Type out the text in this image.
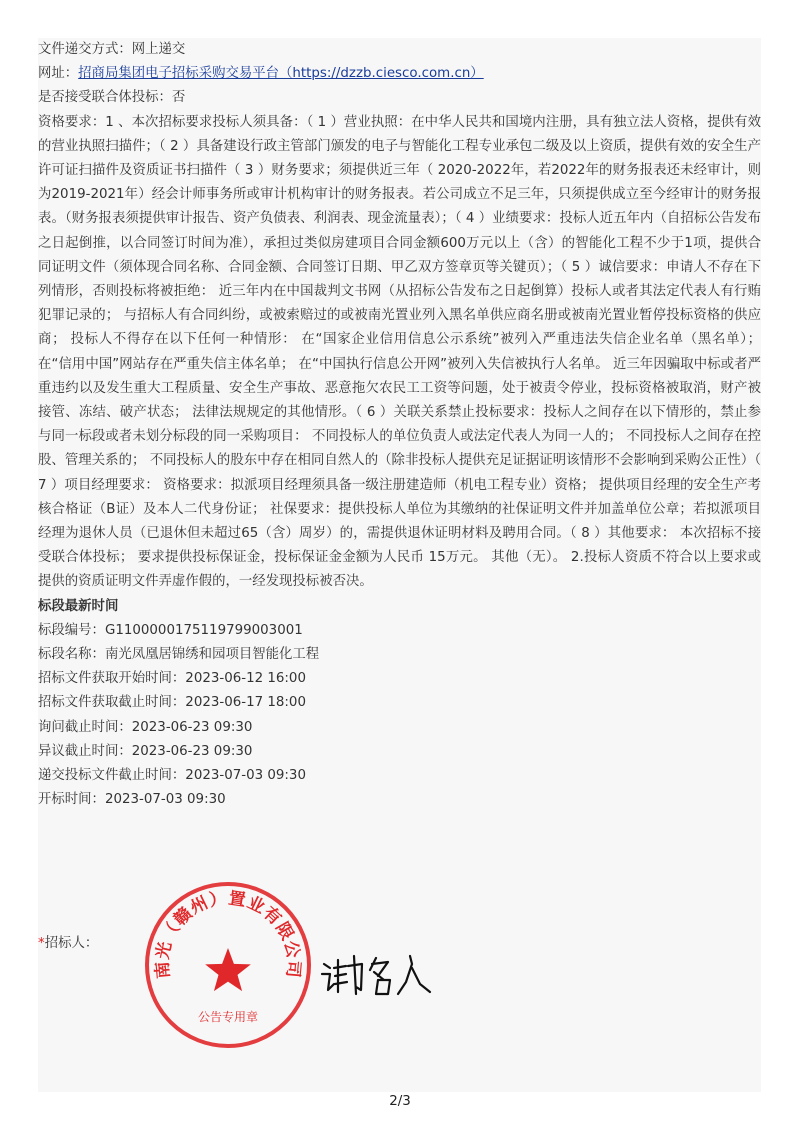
文件递交方式：网上递交
网址：招商局集团电子招标采购交易平台（https://dzzb.ciesco.com.cn）
是否接受联合体投标：否
资格要求：1 、本次招标要求投标人须具备：（ 1 ）营业执照：在中华人民共和国境内注册，具有独立法人资格，提供有效的营业执照扫描件；（ 2 ）具备建设行政主管部门颁发的电子与智能化工程专业承包二级及以上资质，提供有效的安全生产许可证扫描件及资质证书扫描件（ 3 ）财务要求；须提供近三年（ 2020-2022年，若2022年的财务报表还未经审计，则为2019-2021年）经会计师事务所或审计机构审计的财务报表。若公司成立不足三年，只须提供成立至今经审计的财务报表。（财务报表须提供审计报告、资产负债表、利润表、现金流量表）；（ 4 ）业绩要求：投标人近五年内（自招标公告发布之日起倒推，以合同签订时间为准），承担过类似房建项目合同金额600万元以上（含）的智能化工程不少于1项，提供合同证明文件（须体现合同名称、合同金额、合同签订日期、甲乙双方签章页等关键页）；（ 5 ）诚信要求：申请人不存在下列情形，否则投标将被拒绝： 近三年内在中国裁判文书网（从招标公告发布之日起倒算）投标人或者其法定代表人有行贿犯罪记录的； 与招标人有合同纠纷，或被索赔过的或被南光置业列入黑名单供应商名册或被南光置业暂停投标资格的供应商； 投标人不得存在以下任何一种情形： 在“国家企业信用信息公示系统”被列入严重违法失信企业名单（黑名单）； 在“信用中国”网站存在严重失信主体名单； 在“中国执行信息公开网”被列入失信被执行人名单。 近三年因骗取中标或者严重违约以及发生重大工程质量、安全生产事故、恶意拖欠农民工工资等问题，处于被责令停业，投标资格被取消，财产被接管、冻结、破产状态； 法律法规规定的其他情形。（ 6 ）关联关系禁止投标要求：投标人之间存在以下情形的，禁止参与同一标段或者未划分标段的同一采购项目： 不同投标人的单位负责人或法定代表人为同一人的； 不同投标人之间存在控股、管理关系的； 不同投标人的股东中存在相同自然人的（除非投标人提供充足证据证明该情形不会影响到采购公正性）（ 7 ）项目经理要求： 资格要求：拟派项目经理须具备一级注册建造师（机电工程专业）资格； 提供项目经理的安全生产考核合格证（B证）及本人二代身份证； 社保要求：提供投标人单位为其缴纳的社保证明文件并加盖单位公章；若拟派项目经理为退休人员（已退休但未超过65（含）周岁）的，需提供退休证明材料及聘用合同。（ 8 ）其他要求： 本次招标不接受联合体投标； 要求提供投标保证金，投标保证金金额为人民币 15万元。 其他（无）。 2.投标人资质不符合以上要求或提供的资质证明文件弄虚作假的，一经发现投标被否决。
标段最新时间
标段编号：G1100000175119799003001
标段名称：南光凤凰居锦绣和园项目智能化工程
招标文件获取开始时间：2023-06-12 16:00
招标文件获取截止时间：2023-06-17 18:00
询问截止时间：2023-06-23 09:30
异议截止时间：2023-06-23 09:30
递交投标文件截止时间：2023-07-03 09:30
开标时间：2023-07-03 09:30
*招标人：
南光（赣州）置业有限公司
公告专用章
2/3
